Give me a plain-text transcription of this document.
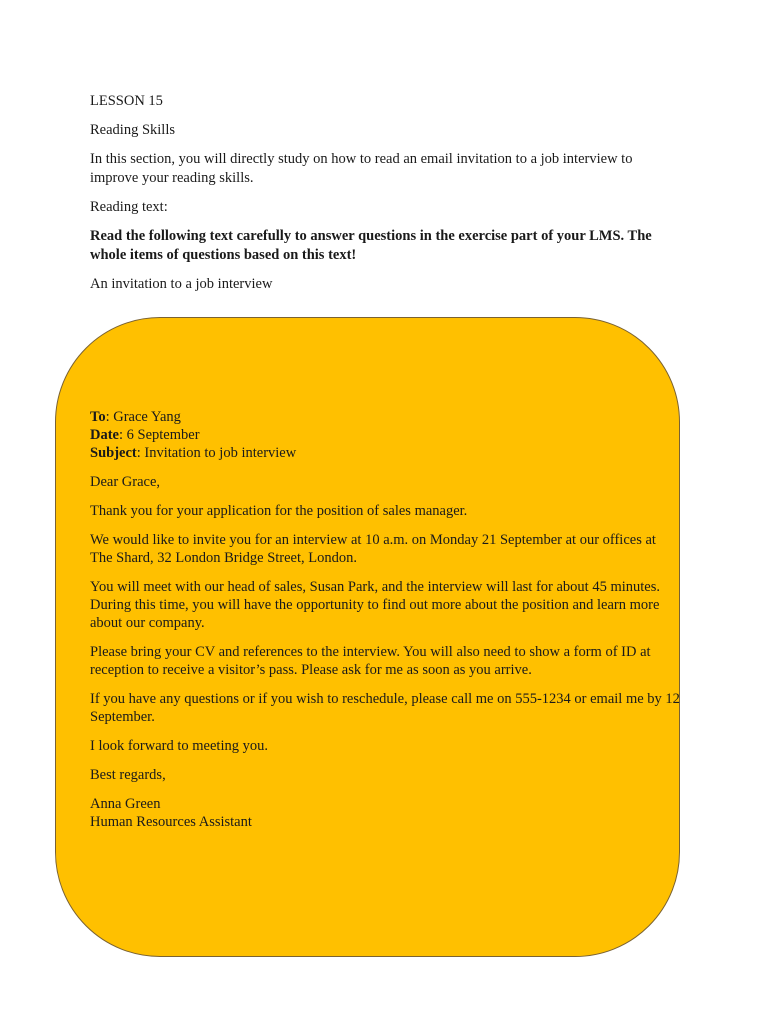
LESSON 15

Reading Skills

In this section, you will directly study on how to read an email invitation to a job interview to improve your reading skills.

Reading text:

Read the following text carefully to answer questions in the exercise part of your LMS. The whole items of questions based on this text!

An invitation to a job interview

To: Grace Yang
Date: 6 September
Subject: Invitation to job interview

Dear Grace,

Thank you for your application for the position of sales manager.

We would like to invite you for an interview at 10 a.m. on Monday 21 September at our offices at The Shard, 32 London Bridge Street, London.

You will meet with our head of sales, Susan Park, and the interview will last for about 45 minutes. During this time, you will have the opportunity to find out more about the position and learn more about our company.

Please bring your CV and references to the interview. You will also need to show a form of ID at reception to receive a visitor’s pass. Please ask for me as soon as you arrive.

If you have any questions or if you wish to reschedule, please call me on 555-1234 or email me by 12 September.

I look forward to meeting you.

Best regards,

Anna Green
Human Resources Assistant
